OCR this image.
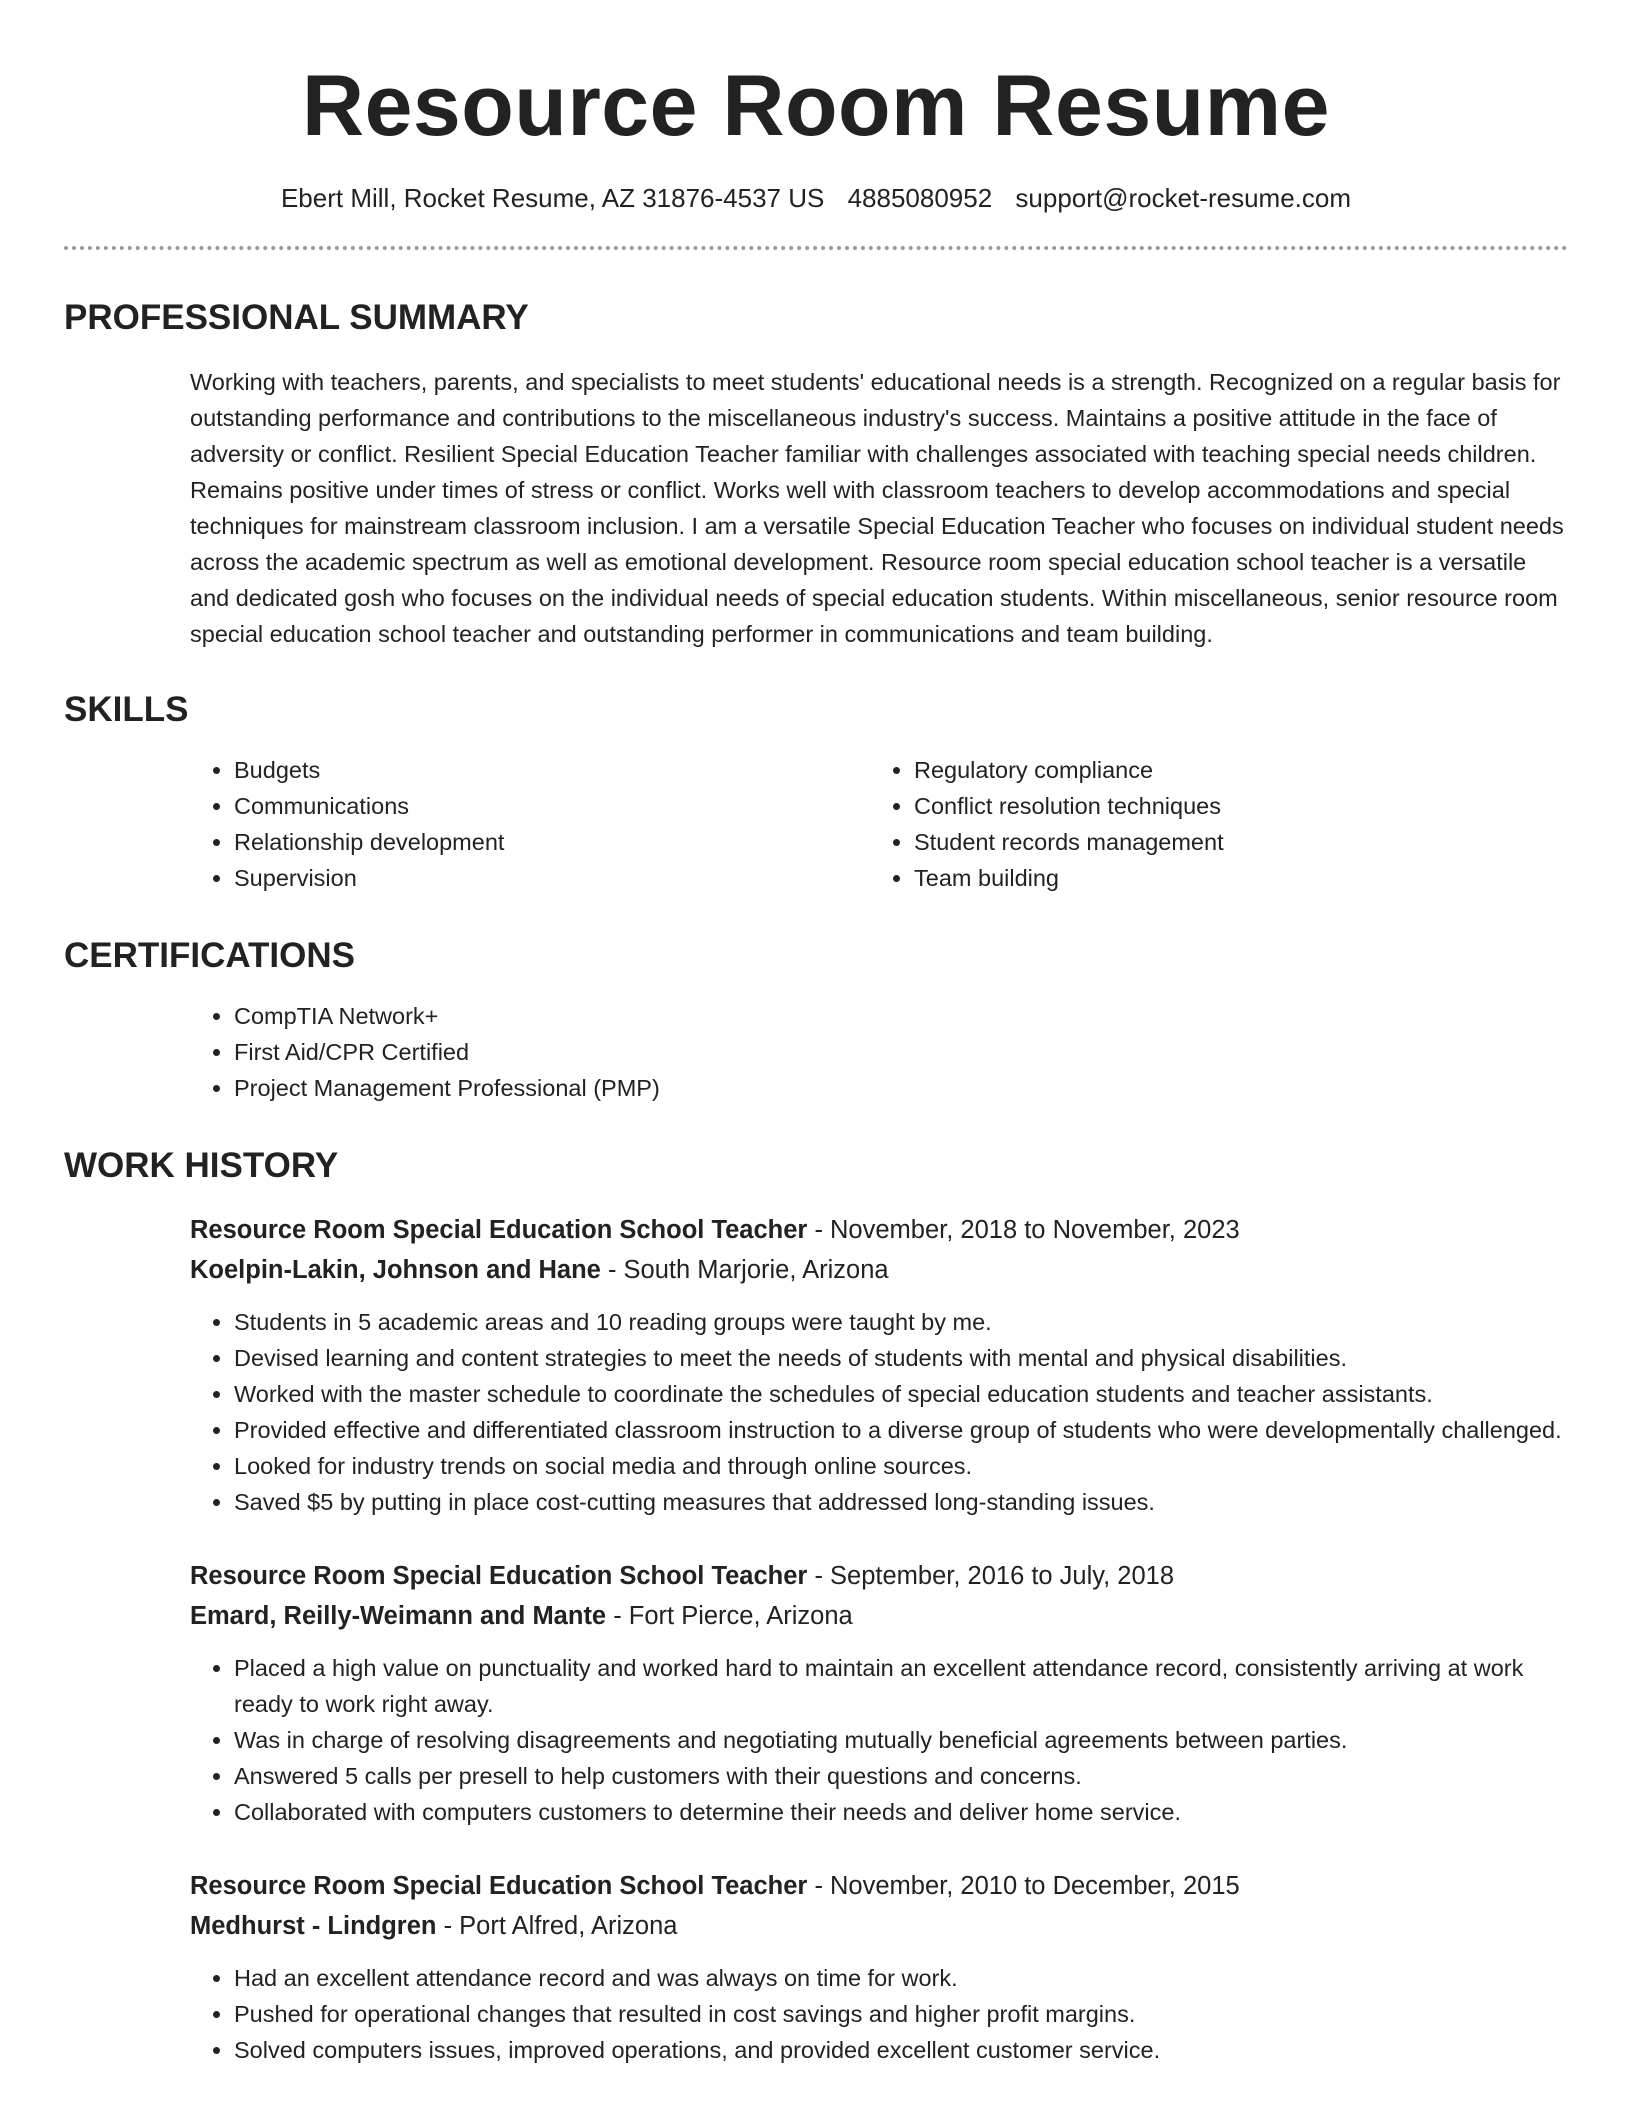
Resource Room Resume
Ebert Mill, Rocket Resume, AZ 31876-4537 US 4885080952 support@rocket-resume.com
PROFESSIONAL SUMMARY

Working with teachers, parents, and specialists to meet students' educational needs is a strength. Recognized on a regular basis for outstanding performance and contributions to the miscellaneous industry's success. Maintains a positive attitude in the face of adversity or conflict. Resilient Special Education Teacher familiar with challenges associated with teaching special needs children. Remains positive under times of stress or conflict. Works well with classroom teachers to develop accommodations and special techniques for mainstream classroom inclusion. I am a versatile Special Education Teacher who focuses on individual student needs across the academic spectrum as well as emotional development. Resource room special education school teacher is a versatile and dedicated gosh who focuses on the individual needs of special education students. Within miscellaneous, senior resource room special education school teacher and outstanding performer in communications and team building.

SKILLS
• Budgets
• Communications
• Relationship development
• Supervision
• Regulatory compliance
• Conflict resolution techniques
• Student records management
• Team building
CERTIFICATIONS
• CompTIA Network+
• First Aid/CPR Certified
• Project Management Professional (PMP)
WORK HISTORY
Resource Room Special Education School Teacher - November, 2018 to November, 2023
Koelpin-Lakin, Johnson and Hane - South Marjorie, Arizona
• Students in 5 academic areas and 10 reading groups were taught by me.
• Devised learning and content strategies to meet the needs of students with mental and physical disabilities.
• Worked with the master schedule to coordinate the schedules of special education students and teacher assistants.
• Provided effective and differentiated classroom instruction to a diverse group of students who were developmentally challenged.
• Looked for industry trends on social media and through online sources.
• Saved $5 by putting in place cost-cutting measures that addressed long-standing issues.
Resource Room Special Education School Teacher - September, 2016 to July, 2018
Emard, Reilly-Weimann and Mante - Fort Pierce, Arizona
• Placed a high value on punctuality and worked hard to maintain an excellent attendance record, consistently arriving at work ready to work right away.
• Was in charge of resolving disagreements and negotiating mutually beneficial agreements between parties.
• Answered 5 calls per presell to help customers with their questions and concerns.
• Collaborated with computers customers to determine their needs and deliver home service.
Resource Room Special Education School Teacher - November, 2010 to December, 2015
Medhurst - Lindgren - Port Alfred, Arizona
• Had an excellent attendance record and was always on time for work.
• Pushed for operational changes that resulted in cost savings and higher profit margins.
• Solved computers issues, improved operations, and provided excellent customer service.
